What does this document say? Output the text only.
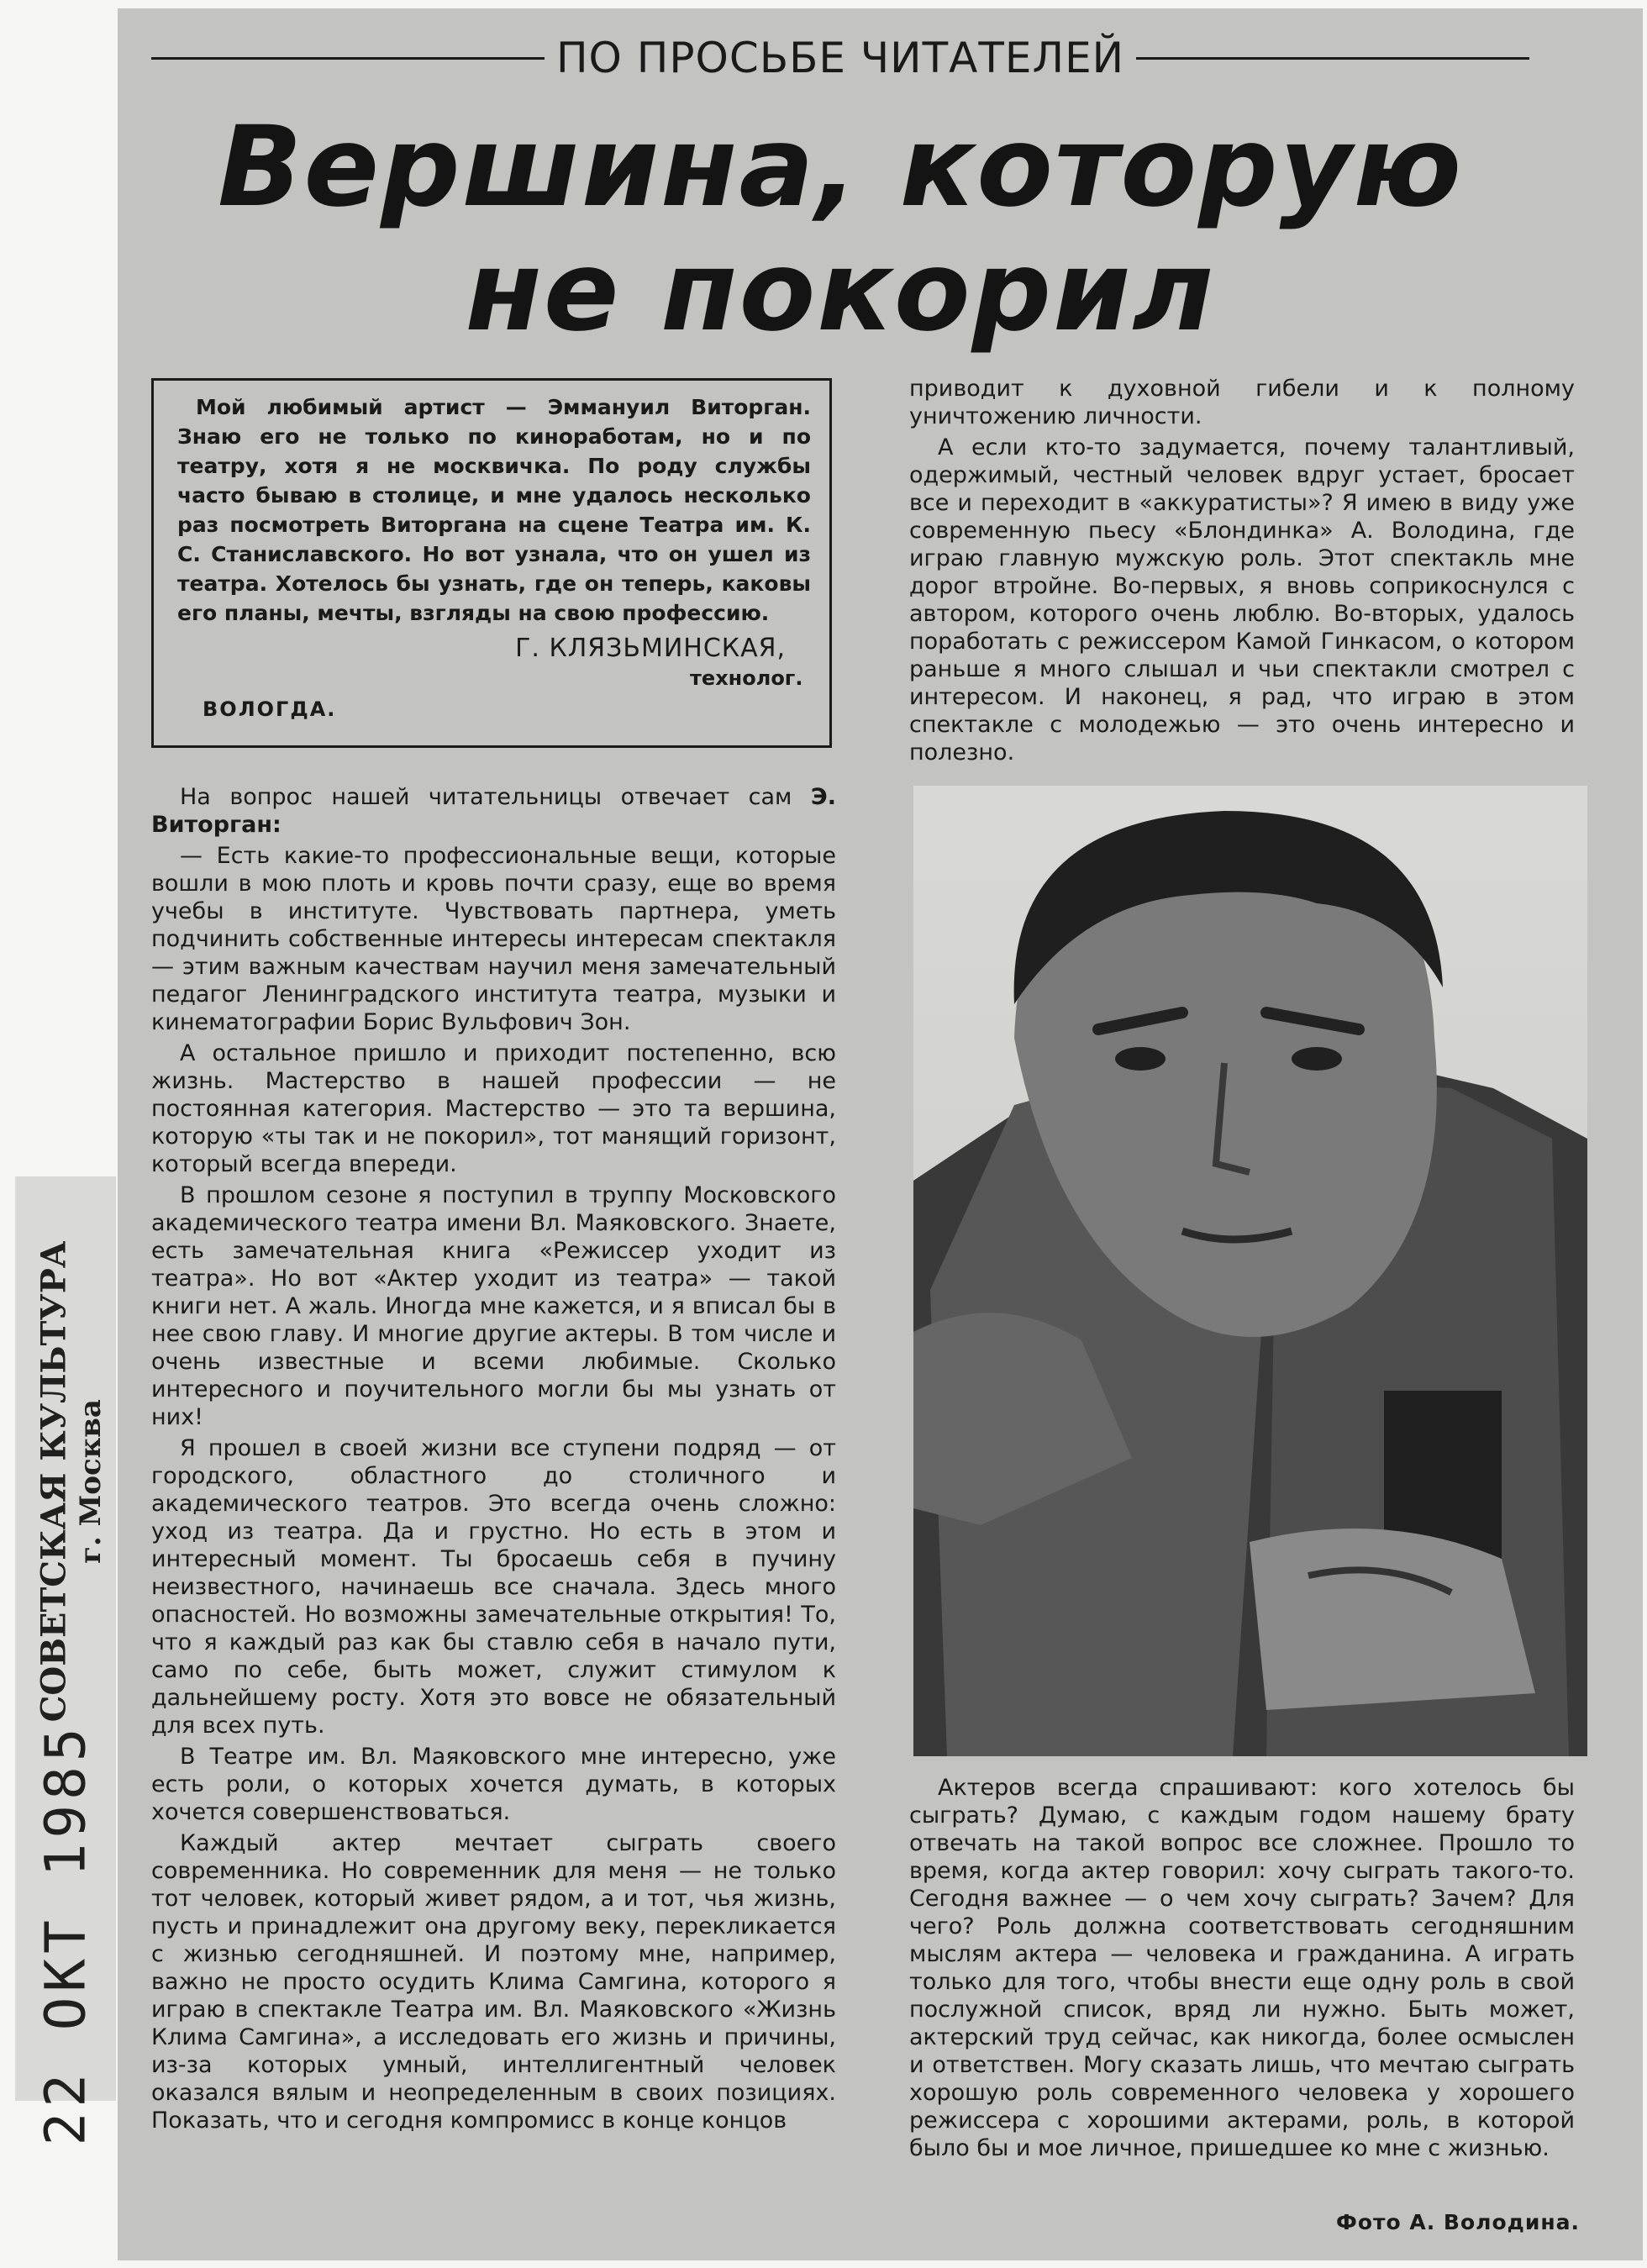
СОВЕТСКАЯ КУЛЬТУРА г. Москва
22 ОКТ 1985
ПО ПРОСЬБЕ ЧИТАТЕЛЕЙ
Вершина, которую
не покорил

Мой любимый артист — Эммануил Виторган. Знаю его не только по киноработам, но и по театру, хотя я не москвичка. По роду службы часто бываю в столице, и мне удалось несколько раз посмотреть Виторгана на сцене Театра им. К. С. Станиславского. Но вот узнала, что он ушел из театра. Хотелось бы узнать, где он теперь, каковы его планы, мечты, взгляды на свою профессию.

Г. КЛЯЗЬМИНСКАЯ,

технолог.

ВОЛОГДА.

На вопрос нашей читательницы отвечает сам Э. Виторган:

— Есть какие-то профессиональные вещи, которые вошли в мою плоть и кровь почти сразу, еще во время учебы в институте. Чувствовать партнера, уметь подчинить собственные интересы интересам спектакля — этим важным качествам научил меня замечательный педагог Ленинградского института театра, музыки и кинематографии Борис Вульфович Зон.

А остальное пришло и приходит постепенно, всю жизнь. Мастерство в нашей профессии — не постоянная категория. Мастерство — это та вершина, которую «ты так и не покорил», тот манящий горизонт, который всегда впереди.

В прошлом сезоне я поступил в труппу Московского академического театра имени Вл. Маяковского. Знаете, есть замечательная книга «Режиссер уходит из театра». Но вот «Актер уходит из театра» — такой книги нет. А жаль. Иногда мне кажется, и я вписал бы в нее свою главу. И многие другие актеры. В том числе и очень известные и всеми любимые. Сколько интересного и поучительного могли бы мы узнать от них!

Я прошел в своей жизни все ступени подряд — от городского, областного до столичного и академического театров. Это всегда очень сложно: уход из театра. Да и грустно. Но есть в этом и интересный момент. Ты бросаешь себя в пучину неизвестного, начинаешь все сначала. Здесь много опасностей. Но возможны замечательные открытия! То, что я каждый раз как бы ставлю себя в начало пути, само по себе, быть может, служит стимулом к дальнейшему росту. Хотя это вовсе не обязательный для всех путь.

В Театре им. Вл. Маяковского мне интересно, уже есть роли, о которых хочется думать, в которых хочется совершенствоваться.

Каждый актер мечтает сыграть своего современника. Но современник для меня — не только тот человек, который живет рядом, а и тот, чья жизнь, пусть и принадлежит она другому веку, перекликается с жизнью сегодняшней. И поэтому мне, например, важно не просто осудить Клима Самгина, которого я играю в спектакле Театра им. Вл. Маяковского «Жизнь Клима Самгина», а исследовать его жизнь и причины, из-за которых умный, интеллигентный человек оказался вялым и неопределенным в своих позициях. Показать, что и сегодня компромисс в конце концов

приводит к духовной гибели и к полному уничтожению личности.

А если кто-то задумается, почему талантливый, одержимый, честный человек вдруг устает, бросает все и переходит в «аккуратисты»? Я имею в виду уже современную пьесу «Блондинка» А. Володина, где играю главную мужскую роль. Этот спектакль мне дорог втройне. Во-первых, я вновь соприкоснулся с автором, которого очень люблю. Во-вторых, удалось поработать с режиссером Камой Гинкасом, о котором раньше я много слышал и чьи спектакли смотрел с интересом. И наконец, я рад, что играю в этом спектакле с молодежью — это очень интересно и полезно.

Актеров всегда спрашивают: кого хотелось бы сыграть? Думаю, с каждым годом нашему брату отвечать на такой вопрос все сложнее. Прошло то время, когда актер говорил: хочу сыграть такого-то. Сегодня важнее — о чем хочу сыграть? Зачем? Для чего? Роль должна соответствовать сегодняшним мыслям актера — человека и гражданина. А играть только для того, чтобы внести еще одну роль в свой послужной список, вряд ли нужно. Быть может, актерский труд сейчас, как никогда, более осмыслен и ответствен. Могу сказать лишь, что мечтаю сыграть хорошую роль современного человека у хорошего режиссера с хорошими актерами, роль, в которой было бы и мое личное, пришедшее ко мне с жизнью.

Фото А. Володина.
